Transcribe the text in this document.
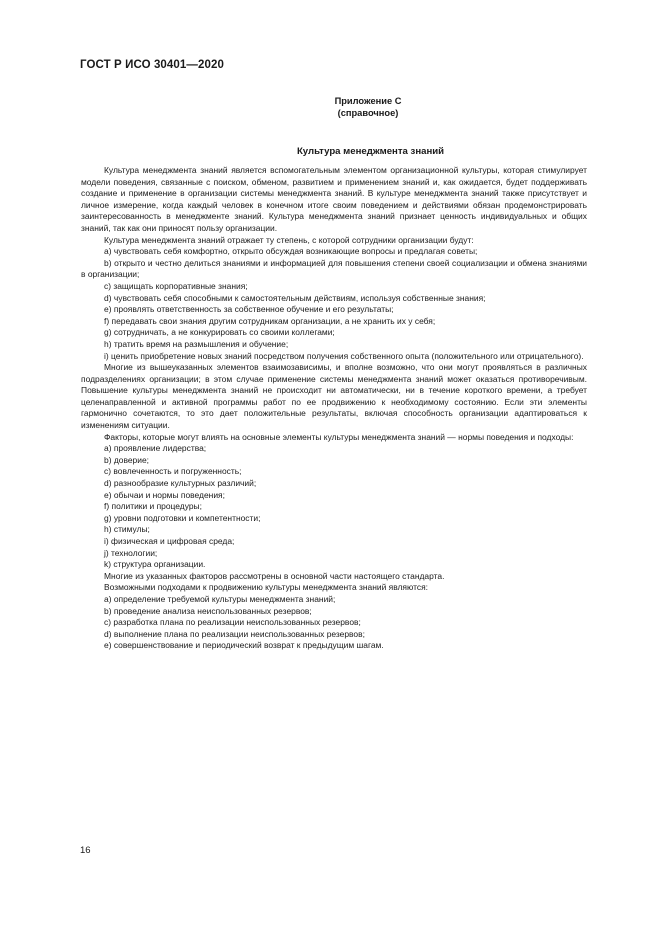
ГОСТ Р ИСО 30401—2020
Приложение С
(справочное)
Культура менеджмента знаний

Культура менеджмента знаний является вспомогательным элементом организационной культуры, которая стимулирует модели поведения, связанные с поиском, обменом, развитием и применением знаний и, как ожидается, будет поддерживать создание и применение в организации системы менеджмента знаний. В культуре менеджмента знаний также присутствует и личное измерение, когда каждый человек в конечном итоге своим поведением и действиями обязан продемонстрировать заинтересованность в менеджменте знаний. Культура менеджмента знаний признает ценность индивидуальных и общих знаний, так как они приносят пользу организации.

Культура менеджмента знаний отражает ту степень, с которой сотрудники организации будут:

a) чувствовать себя комфортно, открыто обсуждая возникающие вопросы и предлагая советы;

b) открыто и честно делиться знаниями и информацией для повышения степени своей социализации и обмена знаниями в организации;

c) защищать корпоративные знания;

d) чувствовать себя способными к самостоятельным действиям, используя собственные знания;

e) проявлять ответственность за собственное обучение и его результаты;

f) передавать свои знания другим сотрудникам организации, а не хранить их у себя;

g) сотрудничать, а не конкурировать со своими коллегами;

h) тратить время на размышления и обучение;

i) ценить приобретение новых знаний посредством получения собственного опыта (положительного или отрицательного).

Многие из вышеуказанных элементов взаимозависимы, и вполне возможно, что они могут проявляться в различных подразделениях организации; в этом случае применение системы менеджмента знаний может оказаться противоречивым. Повышение культуры менеджмента знаний не происходит ни автоматически, ни в течение короткого времени, а требует целенаправленной и активной программы работ по ее продвижению к необходимому состоянию. Если эти элементы гармонично сочетаются, то это дает положительные результаты, включая способность организации адаптироваться к изменениям ситуации.

Факторы, которые могут влиять на основные элементы культуры менеджмента знаний — нормы поведения и подходы:

a) проявление лидерства;

b) доверие;

c) вовлеченность и погруженность;

d) разнообразие культурных различий;

e) обычаи и нормы поведения;

f) политики и процедуры;

g) уровни подготовки и компетентности;

h) стимулы;

i) физическая и цифровая среда;

j) технологии;

k) структура организации.

Многие из указанных факторов рассмотрены в основной части настоящего стандарта.

Возможными подходами к продвижению культуры менеджмента знаний являются:

a) определение требуемой культуры менеджмента знаний;

b) проведение анализа неиспользованных резервов;

c) разработка плана по реализации неиспользованных резервов;

d) выполнение плана по реализации неиспользованных резервов;

e) совершенствование и периодический возврат к предыдущим шагам.

16
